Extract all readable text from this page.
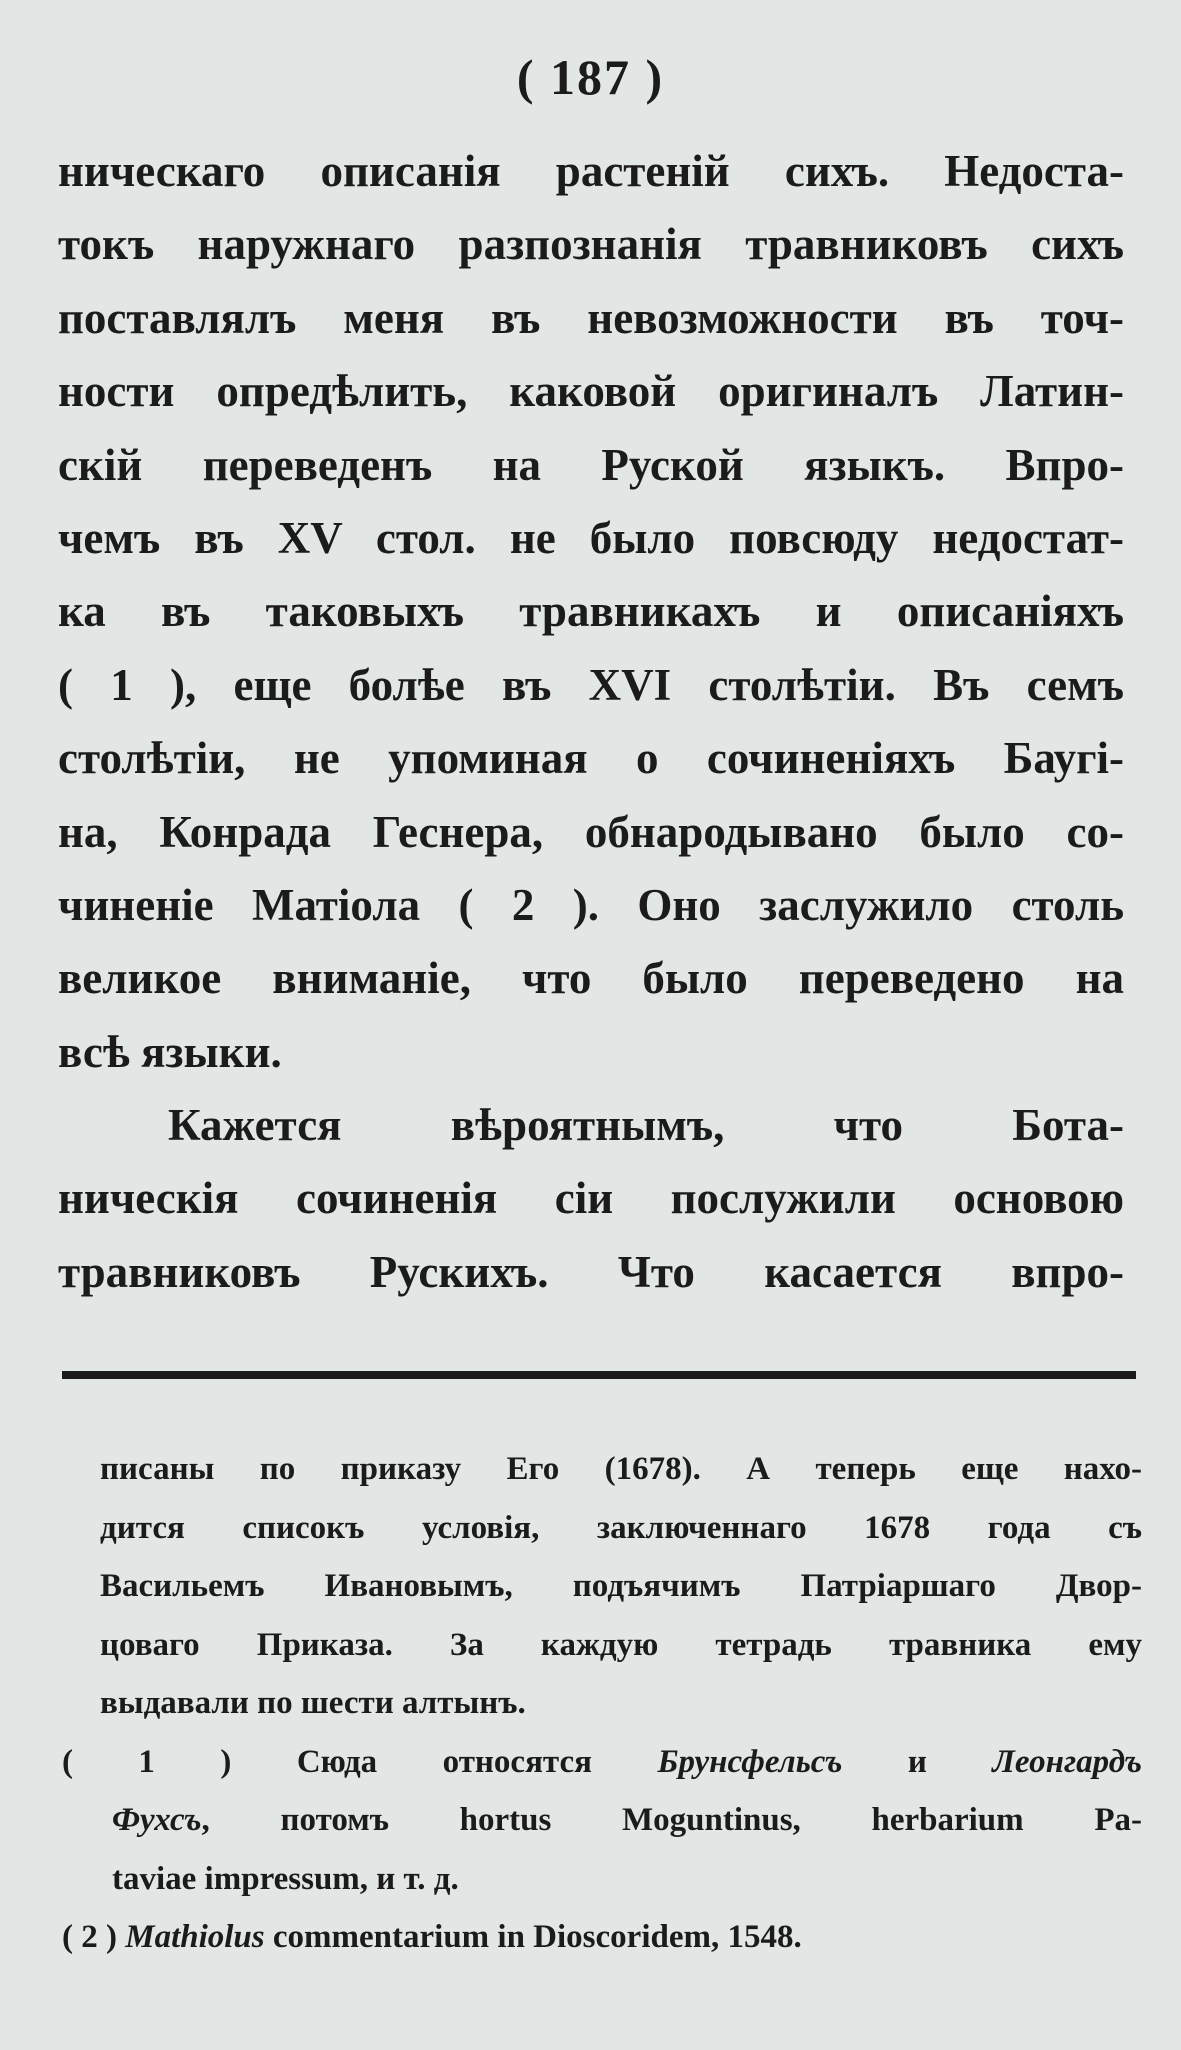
( 187 )
ническаго описанія растеній сихъ. Недоста-
токъ наружнаго разпознанія травниковъ сихъ
поставлялъ меня въ невозможности въ точ-
ности опредѣлить, каковой оригиналъ Латин-
скій переведенъ на Руской языкъ. Впро-
чемъ въ XV стол. не было повсюду недостат-
ка въ таковыхъ травникахъ и описаніяхъ
( 1 ), еще болѣе въ XVI столѣтіи. Въ семъ
столѣтіи, не упоминая о сочиненіяхъ Баугі-
на, Конрада Геснера, обнародывано было со-
чиненіе Матіола ( 2 ). Оно заслужило столь
великое вниманіе, что было переведено на
всѣ языки.
Кажется вѣроятнымъ, что Бота-
ническія сочиненія сіи послужили основою
травниковъ Рускихъ. Что касается впро-
писаны по приказу Его (1678). А теперь еще нахо-
дится списокъ условія, заключеннаго 1678 года съ
Васильемъ Ивановымъ, подъячимъ Патріаршаго Двор-
цоваго Приказа. За каждую тетрадь травника ему
выдавали по шести алтынъ.
( 1 ) Сюда относятся Брунсфельсъ и Леонгардъ
Фухсъ, потомъ hortus Moguntinus, herbarium Pa-
taviae impressum, и т. д.
( 2 ) Mathiolus commentarium in Dioscoridem, 1548.
